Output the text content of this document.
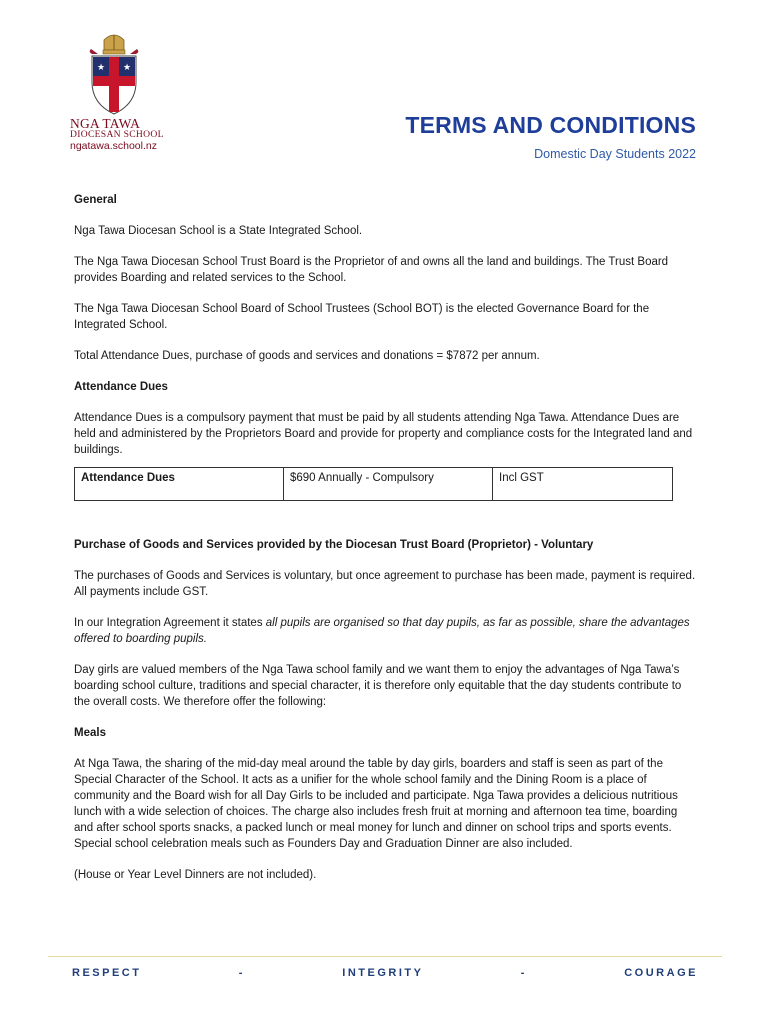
★ ★
NGA TAWA
DIOCESAN SCHOOL
ngatawa.school.nz
TERMS AND CONDITIONS
Domestic Day Students 2022
General

Nga Tawa Diocesan School is a State Integrated School.

The Nga Tawa Diocesan School Trust Board is the Proprietor of and owns all the land and buildings. The Trust Board provides Boarding and related services to the School.

The Nga Tawa Diocesan School Board of School Trustees (School BOT) is the elected Governance Board for the Integrated School.

Total Attendance Dues, purchase of goods and services and donations = $7872 per annum.

Attendance Dues

Attendance Dues is a compulsory payment that must be paid by all students attending Nga Tawa. Attendance Dues are held and administered by the Proprietors Board and provide for property and compliance costs for the Integrated land and buildings.

Attendance Dues	$690 Annually - Compulsory	Incl GST
Purchase of Goods and Services provided by the Diocesan Trust Board (Proprietor) - Voluntary

The purchases of Goods and Services is voluntary, but once agreement to purchase has been made, payment is required. All payments include GST.

In our Integration Agreement it states all pupils are organised so that day pupils, as far as possible, share the advantages offered to boarding pupils.

Day girls are valued members of the Nga Tawa school family and we want them to enjoy the advantages of Nga Tawa’s boarding school culture, traditions and special character, it is therefore only equitable that the day students contribute to the overall costs. We therefore offer the following:

Meals

At Nga Tawa, the sharing of the mid-day meal around the table by day girls, boarders and staff is seen as part of the Special Character of the School. It acts as a unifier for the whole school family and the Dining Room is a place of community and the Board wish for all Day Girls to be included and participate. Nga Tawa provides a delicious nutritious lunch with a wide selection of choices. The charge also includes fresh fruit at morning and afternoon tea time, boarding and after school sports snacks, a packed lunch or meal money for lunch and dinner on school trips and sports events. Special school celebration meals such as Founders Day and Graduation Dinner are also included.

(House or Year Level Dinners are not included).

RESPECT	-	INTEGRITY	-	COURAGE
